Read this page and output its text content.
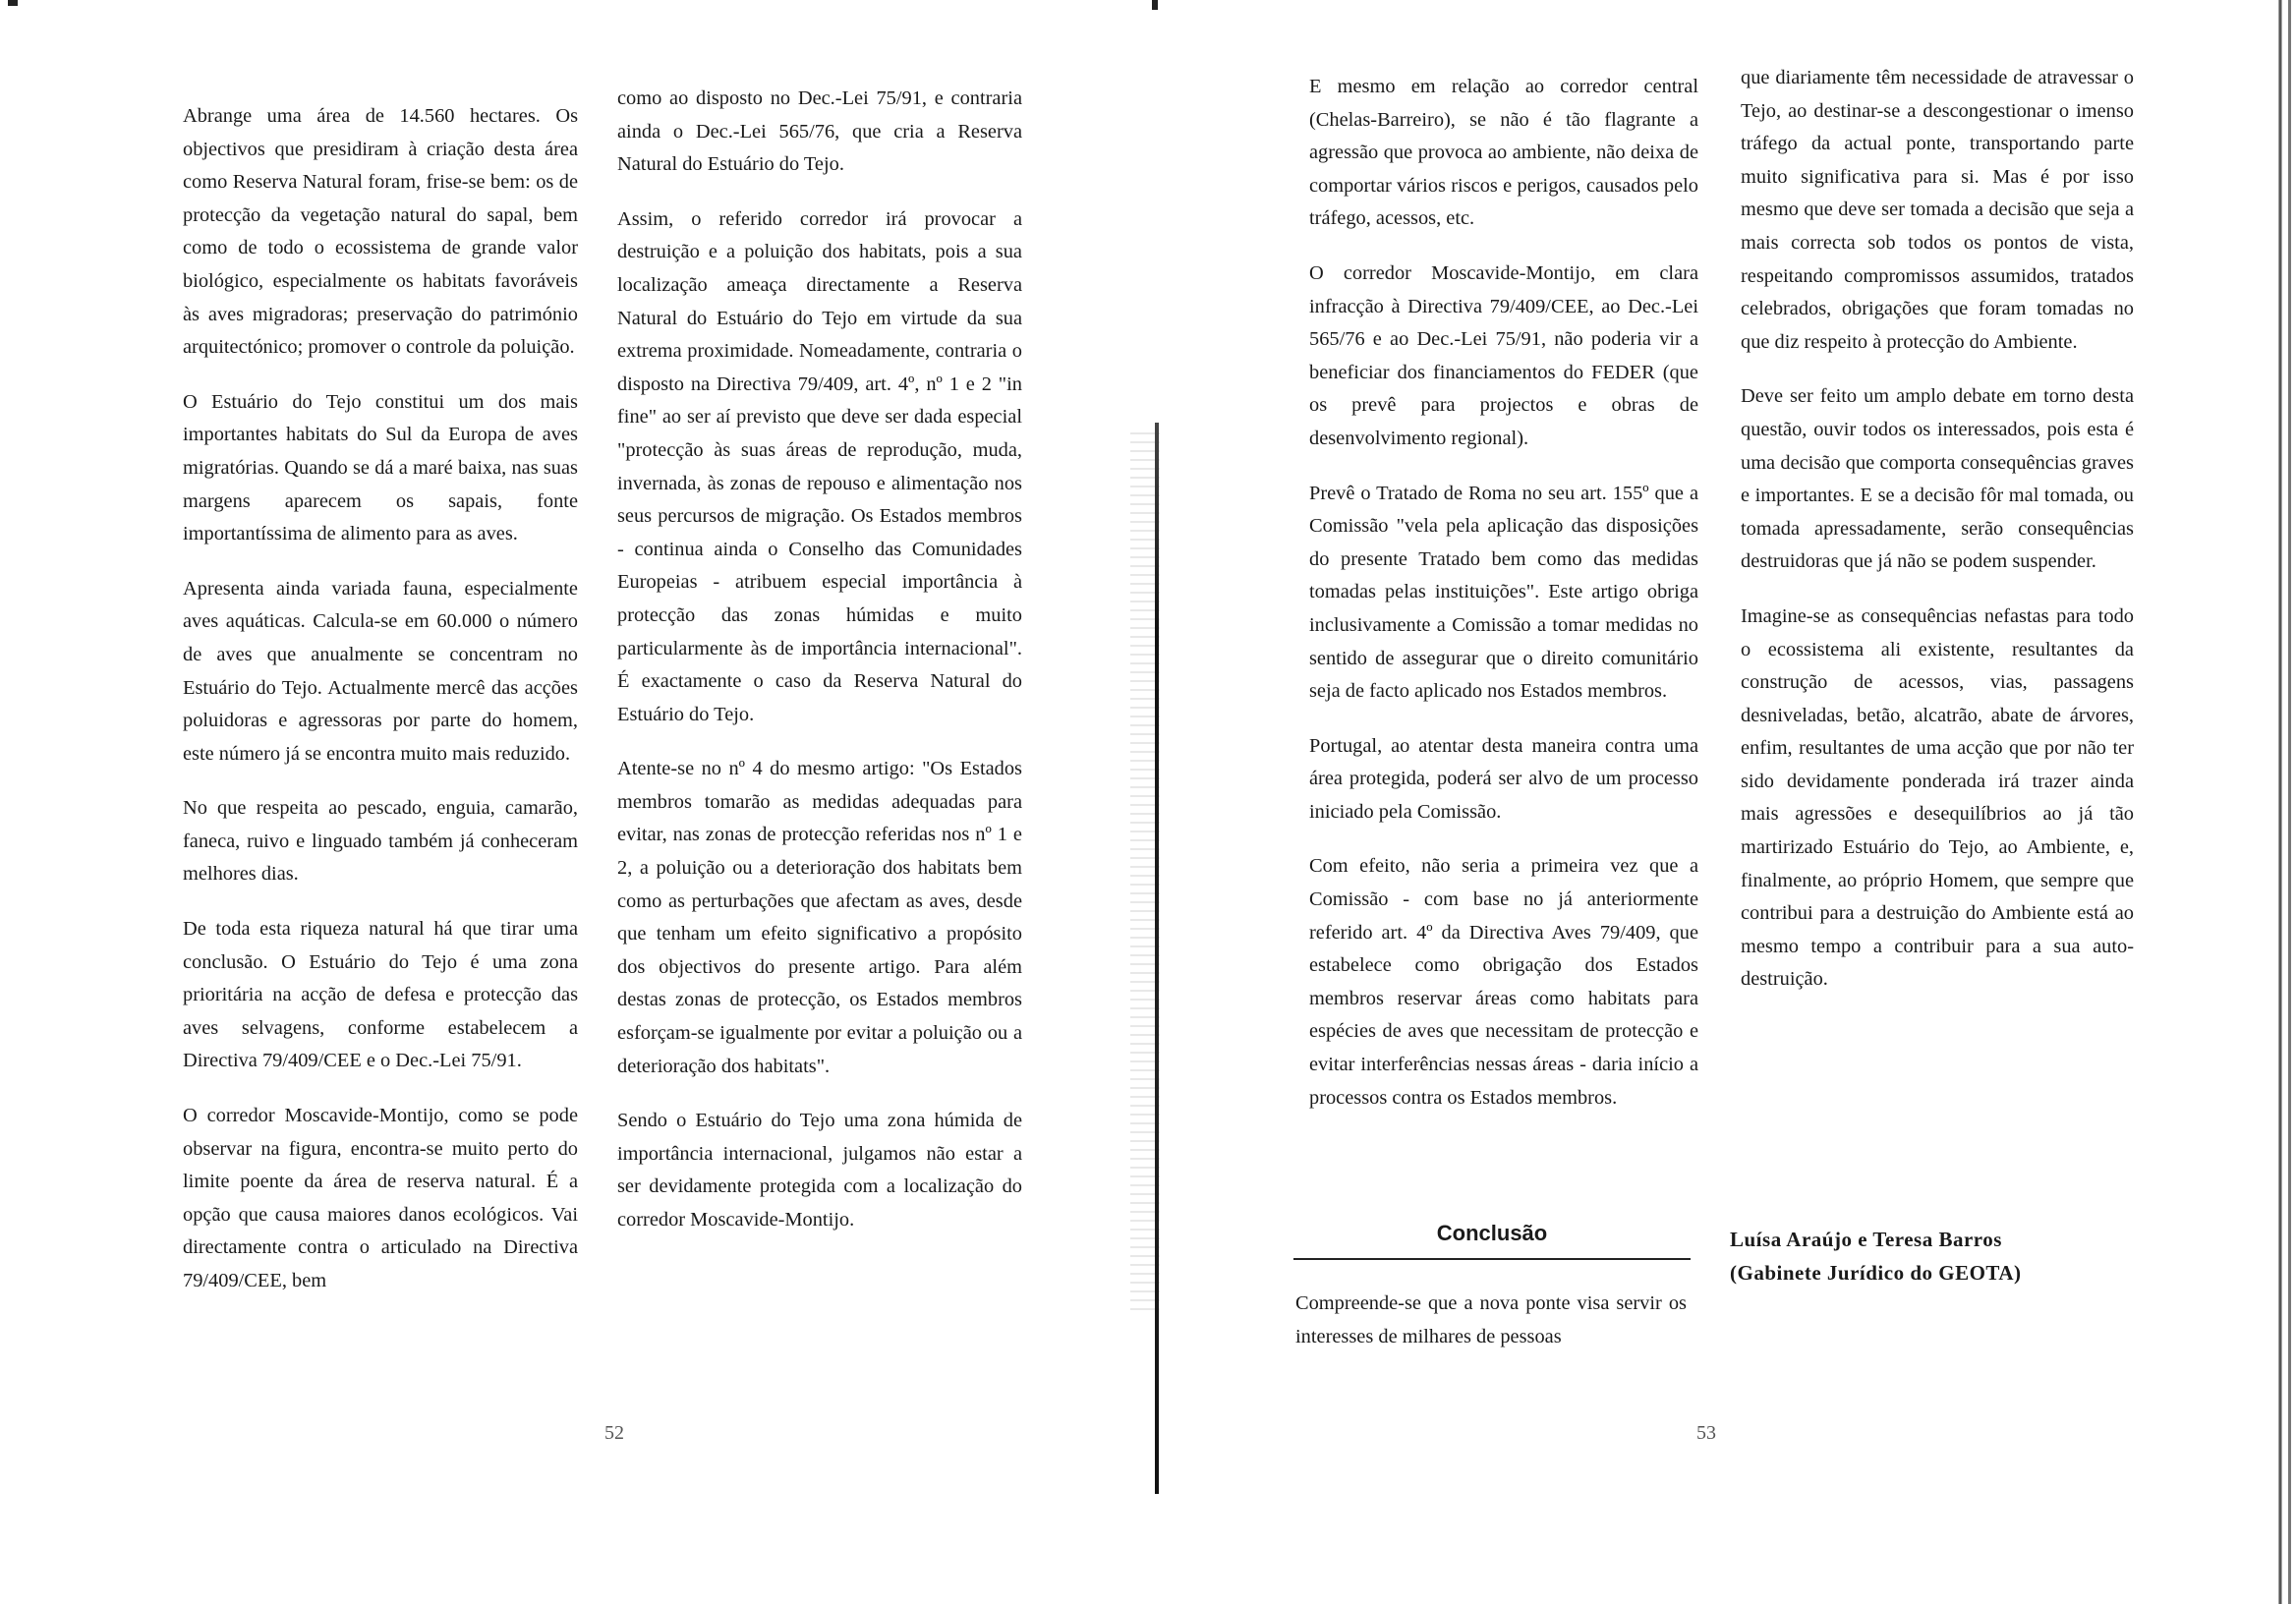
Abrange uma área de 14.560 hectares. Os objectivos que presidiram à criação desta área como Reserva Natural foram, frise-se bem: os de protecção da vegetação natural do sapal, bem como de todo o ecossistema de grande valor biológico, especialmente os habitats favoráveis às aves migradoras; preservação do património arquitectónico; promover o controle da poluição.

O Estuário do Tejo constitui um dos mais importantes habitats do Sul da Europa de aves migratórias. Quando se dá a maré baixa, nas suas margens aparecem os sapais, fonte importantíssima de alimento para as aves.

Apresenta ainda variada fauna, especialmente aves aquáticas. Calcula-se em 60.000 o número de aves que anualmente se concentram no Estuário do Tejo. Actualmente mercê das acções poluidoras e agressoras por parte do homem, este número já se encontra muito mais reduzido.

No que respeita ao pescado, enguia, camarão, faneca, ruivo e linguado também já conheceram melhores dias.

De toda esta riqueza natural há que tirar uma conclusão. O Estuário do Tejo é uma zona prioritária na acção de defesa e protecção das aves selvagens, conforme estabelecem a Directiva 79/409/CEE e o Dec.-Lei 75/91.

O corredor Moscavide-Montijo, como se pode observar na figura, encontra-se muito perto do limite poente da área de reserva natural. É a opção que causa maiores danos ecológicos. Vai directamente contra o articulado na Directiva 79/409/CEE, bem

como ao disposto no Dec.-Lei 75/91, e contraria ainda o Dec.-Lei 565/76, que cria a Reserva Natural do Estuário do Tejo.

Assim, o referido corredor irá provocar a destruição e a poluição dos habitats, pois a sua localização ameaça directamente a Reserva Natural do Estuário do Tejo em virtude da sua extrema proximidade. Nomeadamente, contraria o disposto na Directiva 79/409, art. 4º, nº 1 e 2 "in fine" ao ser aí previsto que deve ser dada especial "protecção às suas áreas de reprodução, muda, invernada, às zonas de repouso e alimentação nos seus percursos de migração. Os Estados membros - continua ainda o Conselho das Comunidades Europeias - atribuem especial importância à protecção das zonas húmidas e muito particularmente às de importância internacional". É exactamente o caso da Reserva Natural do Estuário do Tejo.

Atente-se no nº 4 do mesmo artigo: "Os Estados membros tomarão as medidas adequadas para evitar, nas zonas de protecção referidas nos nº 1 e 2, a poluição ou a deterioração dos habitats bem como as perturbações que afectam as aves, desde que tenham um efeito significativo a propósito dos objectivos do presente artigo. Para além destas zonas de protecção, os Estados membros esforçam-se igualmente por evitar a poluição ou a deterioração dos habitats".

Sendo o Estuário do Tejo uma zona húmida de importância internacional, julgamos não estar a ser devidamente protegida com a localização do corredor Moscavide-Montijo.

52

E mesmo em relação ao corredor central (Chelas-Barreiro), se não é tão flagrante a agressão que provoca ao ambiente, não deixa de comportar vários riscos e perigos, causados pelo tráfego, acessos, etc.

O corredor Moscavide-Montijo, em clara infracção à Directiva 79/409/CEE, ao Dec.-Lei 565/76 e ao Dec.-Lei 75/91, não poderia vir a beneficiar dos financiamentos do FEDER (que os prevê para projectos e obras de desenvolvimento regional).

Prevê o Tratado de Roma no seu art. 155º que a Comissão "vela pela aplicação das disposições do presente Tratado bem como das medidas tomadas pelas instituições". Este artigo obriga inclusivamente a Comissão a tomar medidas no sentido de assegurar que o direito comunitário seja de facto aplicado nos Estados membros.

Portugal, ao atentar desta maneira contra uma área protegida, poderá ser alvo de um processo iniciado pela Comissão.

Com efeito, não seria a primeira vez que a Comissão - com base no já anteriormente referido art. 4º da Directiva Aves 79/409, que estabelece como obrigação dos Estados membros reservar áreas como habitats para espécies de aves que necessitam de protecção e evitar interferências nessas áreas - daria início a processos contra os Estados membros.

Conclusão

Compreende-se que a nova ponte visa servir os interesses de milhares de pessoas

que diariamente têm necessidade de atravessar o Tejo, ao destinar-se a descongestionar o imenso tráfego da actual ponte, transportando parte muito significativa para si. Mas é por isso mesmo que deve ser tomada a decisão que seja a mais correcta sob todos os pontos de vista, respeitando compromissos assumidos, tratados celebrados, obrigações que foram tomadas no que diz respeito à protecção do Ambiente.

Deve ser feito um amplo debate em torno desta questão, ouvir todos os interessados, pois esta é uma decisão que comporta consequências graves e importantes. E se a decisão fôr mal tomada, ou tomada apressadamente, serão consequências destruidoras que já não se podem suspender.

Imagine-se as consequências nefastas para todo o ecossistema ali existente, resultantes da construção de acessos, vias, passagens desniveladas, betão, alcatrão, abate de árvores, enfim, resultantes de uma acção que por não ter sido devidamente ponderada irá trazer ainda mais agressões e desequilíbrios ao já tão martirizado Estuário do Tejo, ao Ambiente, e, finalmente, ao próprio Homem, que sempre que contribui para a destruição do Ambiente está ao mesmo tempo a contribuir para a sua auto-destruição.

Luísa Araújo e Teresa Barros
(Gabinete Jurídico do GEOTA)
53
